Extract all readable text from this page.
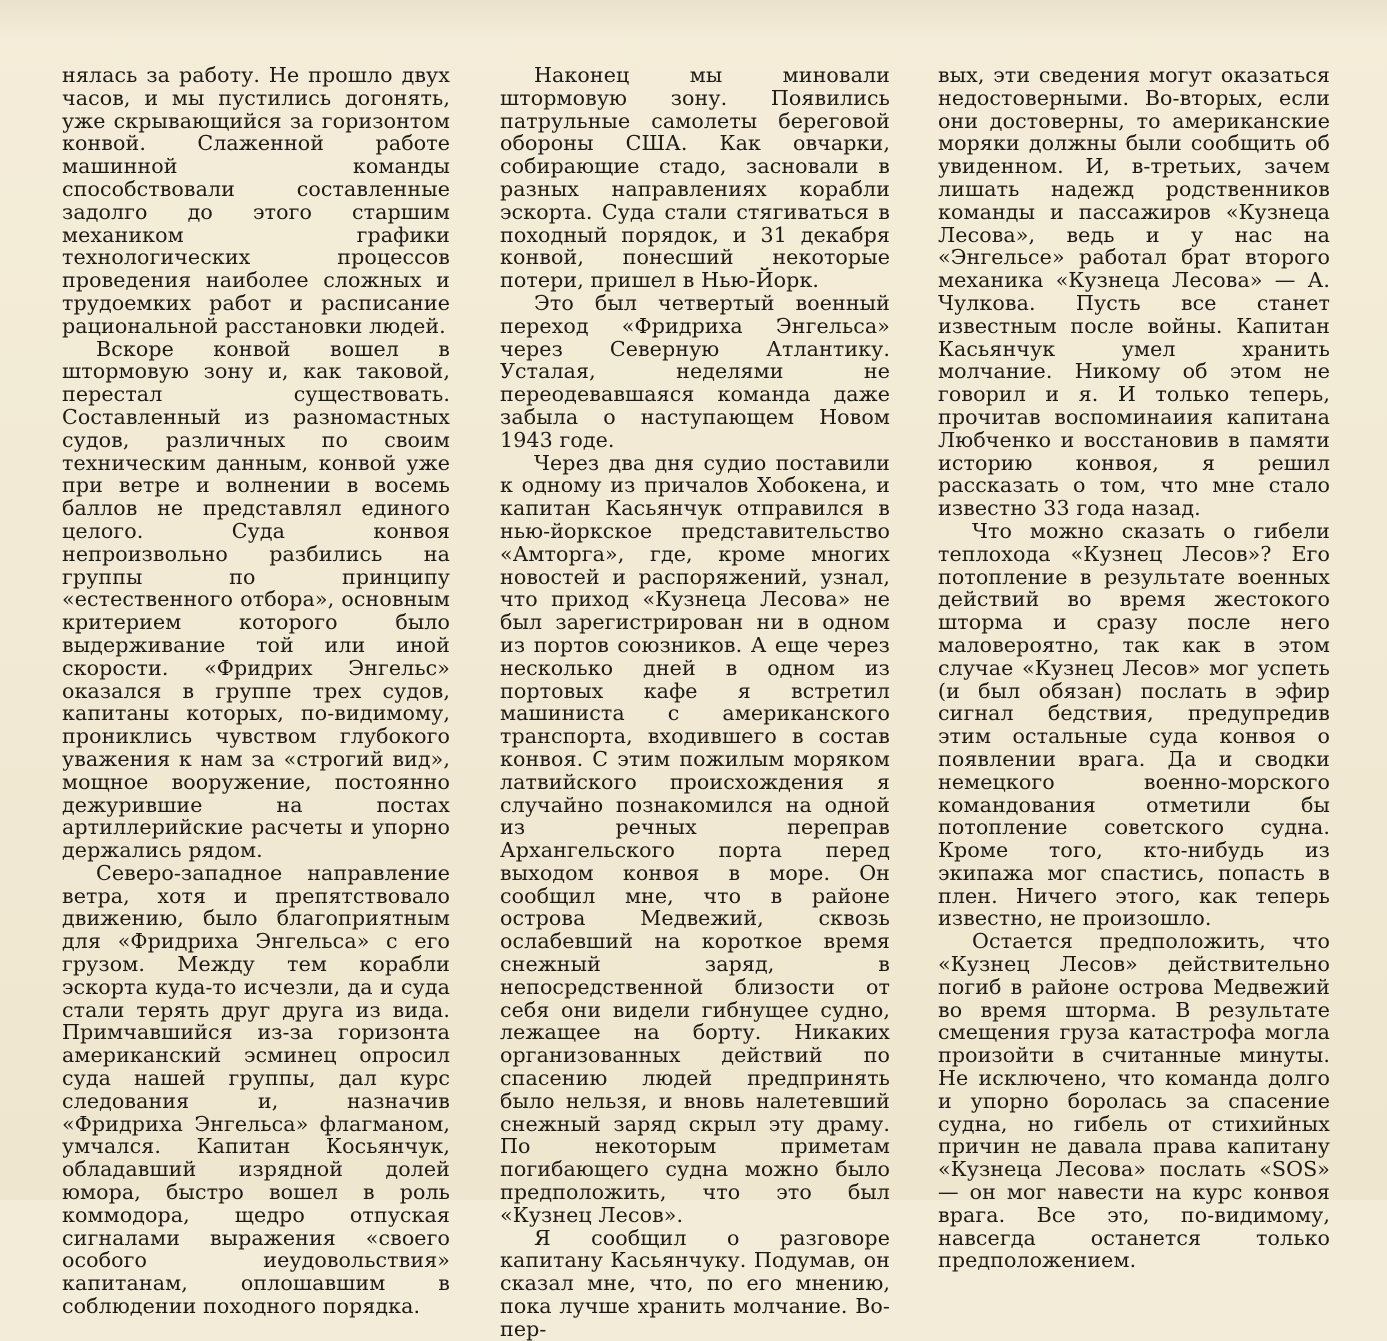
нялась за работу. Не прошло двух часов, и мы пустились догонять, уже скрывающийся за горизонтом конвой. Слаженной работе машинной команды способствовали составленные задолго до этого старшим механиком графики технологических процессов проведения наиболее сложных и трудоемких работ и расписание рациональной расстановки людей.

Вскоре конвой вошел в штормовую зону и, как таковой, перестал существовать. Составленный из разномастных судов, различных по своим техническим данным, конвой уже при ветре и волнении в восемь баллов не представлял единого целого. Суда конвоя непроизвольно разбились на группы по принципу «естественного отбора», основным критерием которого было выдерживание той или иной скорости. «Фридрих Энгельс» оказался в группе трех судов, капитаны которых, по-видимому, прониклись чувством глубокого уважения к нам за «строгий вид», мощное вооружение, постоянно дежурившие на постах артиллерийские расчеты и упорно держались рядом.

Северо-западное направление ветра, хотя и препятствовало движению, было благоприятным для «Фридриха Энгельса» с его грузом. Между тем корабли эскорта куда-то исчезли, да и суда стали терять друг друга из вида. Примчавшийся из-за горизонта американский эсминец опросил суда нашей группы, дал курс следования и, назначив «Фридриха Энгельса» флагманом, умчался. Капитан Косьянчук, обладавший изрядной долей юмора, быстро вошел в роль коммодора, щедро отпуская сигналами выражения «своего особого иеудовольствия» капитанам, оплошавшим в соблюдении походного порядка.

Наконец мы миновали штормовую зону. Появились патрульные самолеты береговой обороны США. Как овчарки, собирающие стадо, засновали в разных направлениях корабли эскорта. Суда стали стягиваться в походный порядок, и 31 декабря конвой, понесший некоторые потери, пришел в Нью-Йорк.

Это был четвертый военный переход «Фридриха Энгельса» через Северную Атлантику. Усталая, неделями не переодевавшаяся команда даже забыла о наступающем Новом 1943 годе.

Через два дня судио поставили к одному из причалов Хобокена, и капитан Касьянчук отправился в нью-йоркское представительство «Амторга», где, кроме многих новостей и распоряжений, узнал, что приход «Кузнеца Лесова» не был зарегистрирован ни в одном из портов союзников. А еще через несколько дней в одном из портовых кафе я встретил машиниста с американского транспорта, входившего в состав конвоя. С этим пожилым моряком латвийского происхождения я случайно познакомился на одной из речных переправ Архангельского порта перед выходом конвоя в море. Он сообщил мне, что в районе острова Медвежий, сквозь ослабевший на короткое время снежный заряд, в непосредственной близости от себя они видели гибнущее судно, лежащее на борту. Никаких организованных действий по спасению людей предпринять было нельзя, и вновь налетевший снежный заряд скрыл эту драму. По некоторым приметам погибающего судна можно было предположить, что это был «Кузнец Лесов».

Я сообщил о разговоре капитану Касьянчуку. Подумав, он сказал мне, что, по его мнению, пока лучше хранить молчание. Во-пер-

вых, эти сведения могут оказаться недостоверными. Во-вторых, если они достоверны, то американские моряки должны были сообщить об увиденном. И, в-третьих, зачем лишать надежд родственников команды и пассажиров «Кузнеца Лесова», ведь и у нас на «Энгельсе» работал брат второго механика «Кузнеца Лесова» — А. Чулкова. Пусть все станет известным после войны. Капитан Касьянчук умел хранить молчание. Никому об этом не говорил и я. И только теперь, прочитав воспоминаиия капитана Любченко и восстановив в памяти историю конвоя, я решил рассказать о том, что мне стало известно 33 года назад.

Что можно сказать о гибели теплохода «Кузнец Лесов»? Его потопление в результате военных действий во время жестокого шторма и сразу после него маловероятно, так как в этом случае «Кузнец Лесов» мог успеть (и был обязан) послать в эфир сигнал бедствия, предупредив этим остальные суда конвоя о появлении врага. Да и сводки немецкого военно-морского командования отметили бы потопление советского судна. Кроме того, кто-нибудь из экипажа мог спастись, попасть в плен. Ничего этого, как теперь известно, не произошло.

Остается предположить, что «Кузнец Лесов» действительно погиб в районе острова Медвежий во время шторма. В результате смещения груза катастрофа могла произойти в считанные минуты. Не исключено, что команда долго и упорно боролась за спасение судна, но гибель от стихийных причин не давала права капитану «Кузнеца Лесова» послать «SOS» — он мог навести на курс конвоя врага. Все это, по-видимому, навсегда останется только предположением.
